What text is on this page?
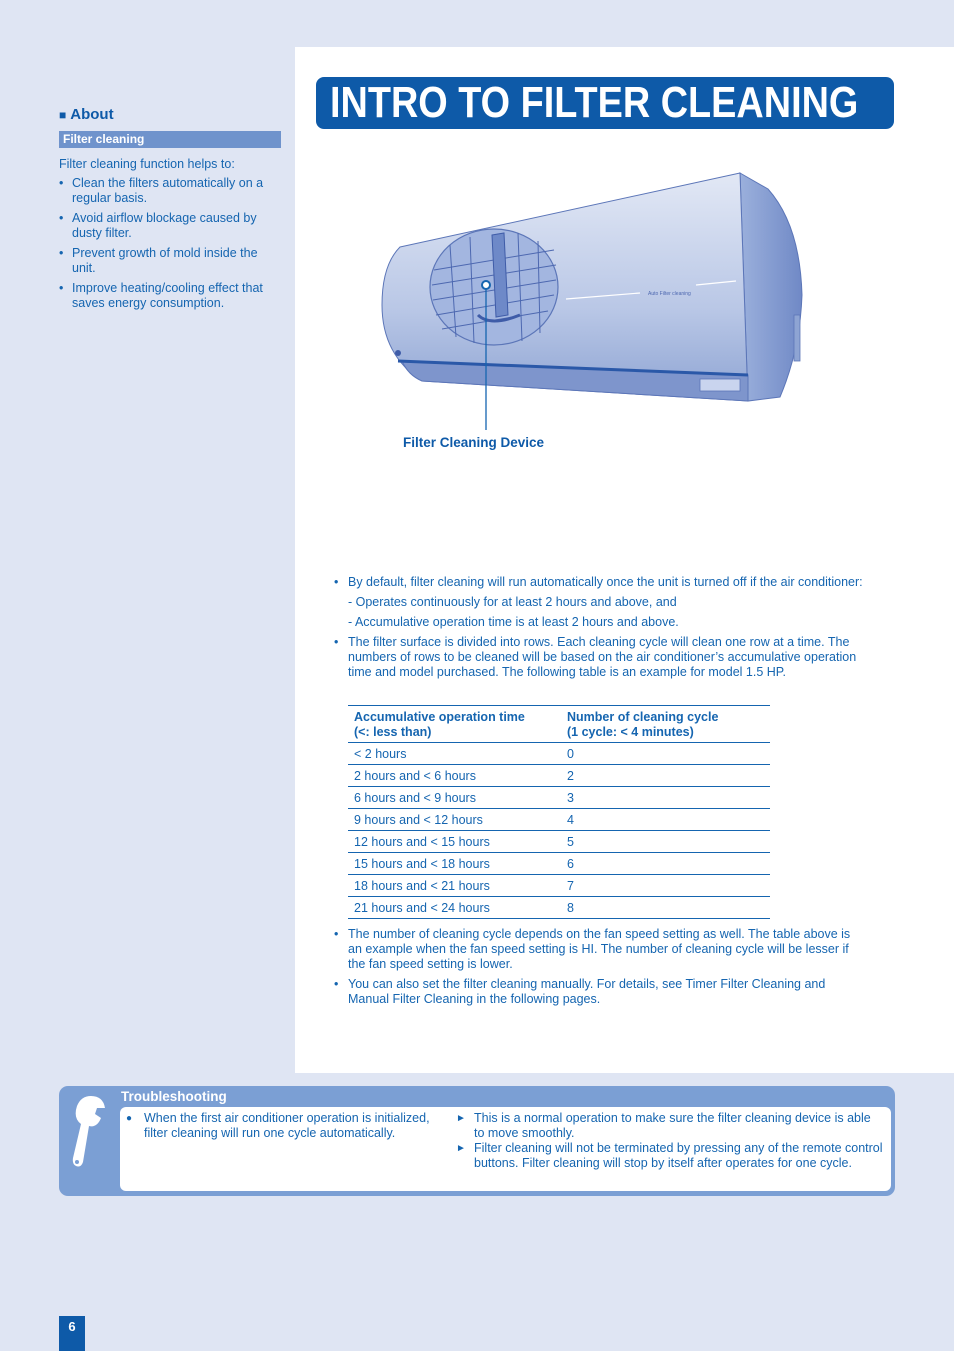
■ About
Filter cleaning
Filter cleaning function helps to:
• Clean the filters automatically on a regular basis.
• Avoid airflow blockage caused by dusty filter.
• Prevent growth of mold inside the unit.
• Improve heating/cooling effect that saves energy consumption.
INTRO TO FILTER CLEANING
Auto Filter cleaning
Filter Cleaning Device
• By default, filter cleaning will run automatically once the unit is turned off if the air conditioner:
- Operates continuously for at least 2 hours and above, and
- Accumulative operation time is at least 2 hours and above.
• The filter surface is divided into rows. Each cleaning cycle will clean one row at a time. The numbers of rows to be cleaned will be based on the air conditioner’s accumulative operation time and model purchased. The following table is an example for model 1.5 HP.
Accumulative operation time
(<: less than)	Number of cleaning cycle
(1 cycle: < 4 minutes)
< 2 hours	0
2 hours and < 6 hours	2
6 hours and < 9 hours	3
9 hours and < 12 hours	4
12 hours and < 15 hours	5
15 hours and < 18 hours	6
18 hours and < 21 hours	7
21 hours and < 24 hours	8
• The number of cleaning cycle depends on the fan speed setting as well. The table above is an example when the fan speed setting is HI. The number of cleaning cycle will be lesser if the fan speed setting is lower.
• You can also set the filter cleaning manually. For details, see Timer Filter Cleaning and Manual Filter Cleaning in the following pages.
Troubleshooting
● When the first air conditioner operation is initialized, filter cleaning will run one cycle automatically.
► This is a normal operation to make sure the filter cleaning device is able to move smoothly.
► Filter cleaning will not be terminated by pressing any of the remote control buttons. Filter cleaning will stop by itself after operates for one cycle.
6
